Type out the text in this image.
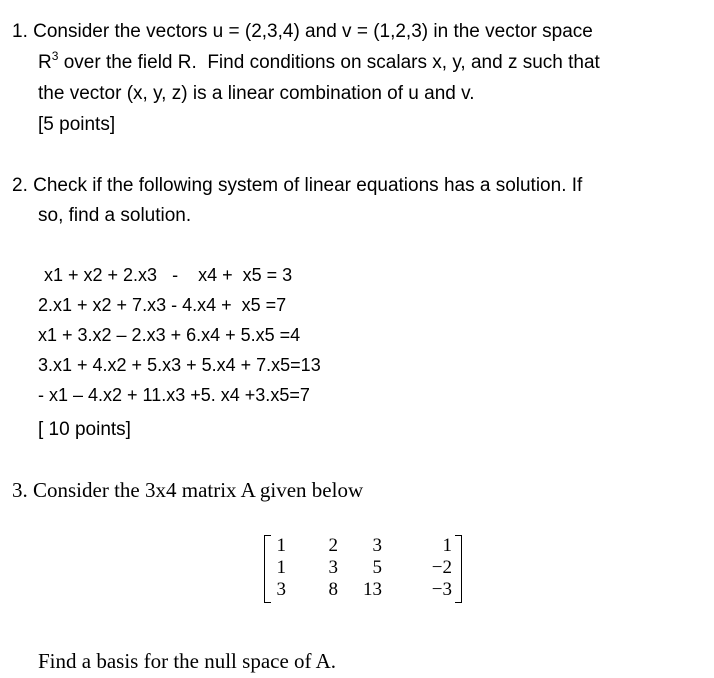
1. Consider the vectors u = (2,3,4) and v = (1,2,3) in the vector space
$R^3$ over the field R.  Find conditions on scalars x, y, and z such that
the vector (x, y, z) is a linear combination of u and v.
[5 points]
2. Check if the following system of linear equations has a solution. If
so, find a solution.
x1 + x2 + 2.x3   -    x4 +  x5 = 3
2.x1 + x2 + 7.x3 - 4.x4 +  x5 =7
x1 + 3.x2 – 2.x3 + 6.x4 + 5.x5 =4
3.x1 + 4.x2 + 5.x3 + 5.x4 + 7.x5=13
- x1 – 4.x2 + 11.x3 +5. x4 +3.x5=7
[ 10 points]
3. Consider the 3x4 matrix A given below
1	2	3	1
1	3	5	−2
3	8	13	−3
Find a basis for the null space of A.
